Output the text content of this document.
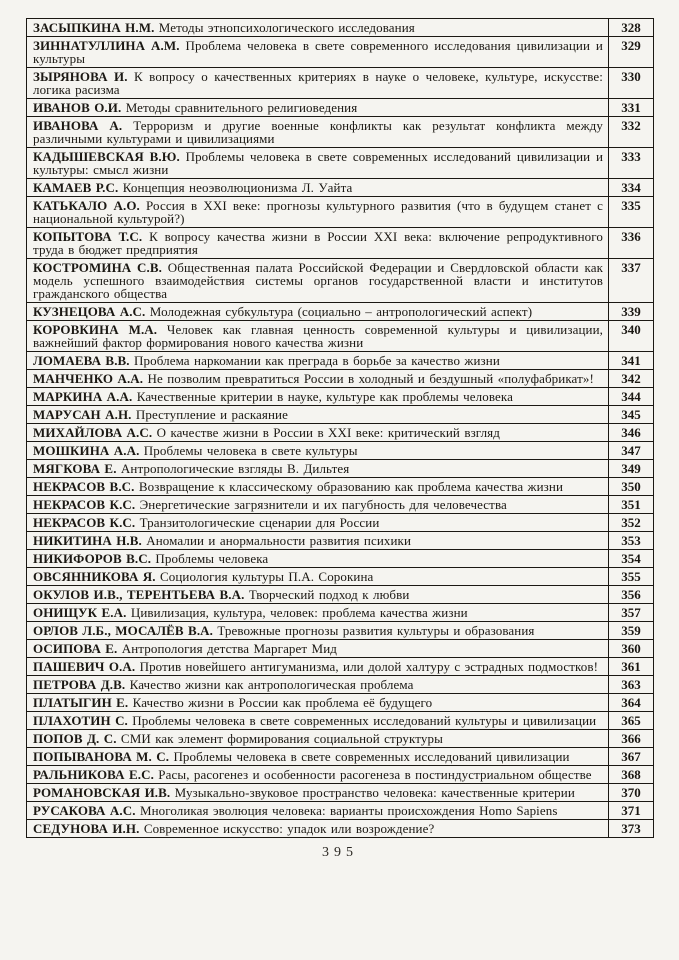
ЗАСЫПКИНА Н.М. Методы этнопсихологического исследования	328
ЗИННАТУЛЛИНА А.М. Проблема человека в свете современного исследования цивилизации и культуры	329
ЗЫРЯНОВА И. К вопросу о качественных критериях в науке о человеке, культуре, искусстве: логика расизма	330
ИВАНОВ О.И. Методы сравнительного религиоведения	331
ИВАНОВА А. Терроризм и другие военные конфликты как результат конфликта между различными культурами и цивилизациями	332
КАДЫШЕВСКАЯ В.Ю. Проблемы человека в свете современных исследований цивилизации и культуры: смысл жизни	333
КАМАЕВ Р.С. Концепция неоэволюционизма Л. Уайта	334
КАТЬКАЛО А.О. Россия в XXI веке: прогнозы культурного развития (что в будущем станет с национальной культурой?)	335
КОПЫТОВА Т.С. К вопросу качества жизни в России XXI века: включение репродуктивного труда в бюджет предприятия	336
КОСТРОМИНА С.В. Общественная палата Российской Федерации и Свердловской области как модель успешного взаимодействия системы органов государственной власти и институтов гражданского общества	337
КУЗНЕЦОВА А.С. Молодежная субкультура (социально – антропологический аспект)	339
КОРОВКИНА М.А. Человек как главная ценность современной культуры и цивилизации, важнейший фактор формирования нового качества жизни	340
ЛОМАЕВА В.В. Проблема наркомании как преграда в борьбе за качество жизни	341
МАНЧЕНКО А.А. Не позволим превратиться России в холодный и бездушный «полуфабрикат»!	342
МАРКИНА А.А. Качественные критерии в науке, культуре как проблемы человека	344
МАРУСАН А.Н. Преступление и раскаяние	345
МИХАЙЛОВА А.С. О качестве жизни в России в XXI веке: критический взгляд	346
МОШКИНА А.А. Проблемы человека в свете культуры	347
МЯГКОВА Е. Антропологические взгляды В. Дильтея	349
НЕКРАСОВ В.С. Возвращение к классическому образованию как проблема качества жизни	350
НЕКРАСОВ К.С. Энергетические загрязнители и их пагубность для человечества	351
НЕКРАСОВ К.С. Транзитологические сценарии для России	352
НИКИТИНА Н.В. Аномалии и анормальности развития психики	353
НИКИФОРОВ В.С. Проблемы человека	354
ОВСЯННИКОВА Я. Социология культуры П.А. Сорокина	355
ОКУЛОВ И.В., ТЕРЕНТЬЕВА В.А. Творческий подход к любви	356
ОНИЩУК Е.А. Цивилизация, культура, человек: проблема качества жизни	357
ОРЛОВ Л.Б., МОСАЛЁВ В.А. Тревожные прогнозы развития культуры и образования	359
ОСИПОВА Е. Антропология детства Маргарет Мид	360
ПАШЕВИЧ О.А. Против новейшего антигуманизма, или долой халтуру с эстрадных подмостков!	361
ПЕТРОВА Д.В. Качество жизни как антропологическая проблема	363
ПЛАТЫГИН Е. Качество жизни в России как проблема её будущего	364
ПЛАХОТИН С. Проблемы человека в свете современных исследований культуры и цивилизации	365
ПОПОВ Д. С. СМИ как элемент формирования социальной структуры	366
ПОПЫВАНОВА М. С. Проблемы человека в свете современных исследований цивилизации	367
РАЛЬНИКОВА Е.С. Расы, расогенез и особенности расогенеза в постиндустриальном обществе	368
РОМАНОВСКАЯ И.В. Музыкально-звуковое пространство человека: качественные критерии	370
РУСАКОВА А.С. Многоликая эволюция человека: варианты происхождения Homo Sapiens	371
СЕДУНОВА И.Н. Современное искусство: упадок или возрождение?	373
395
